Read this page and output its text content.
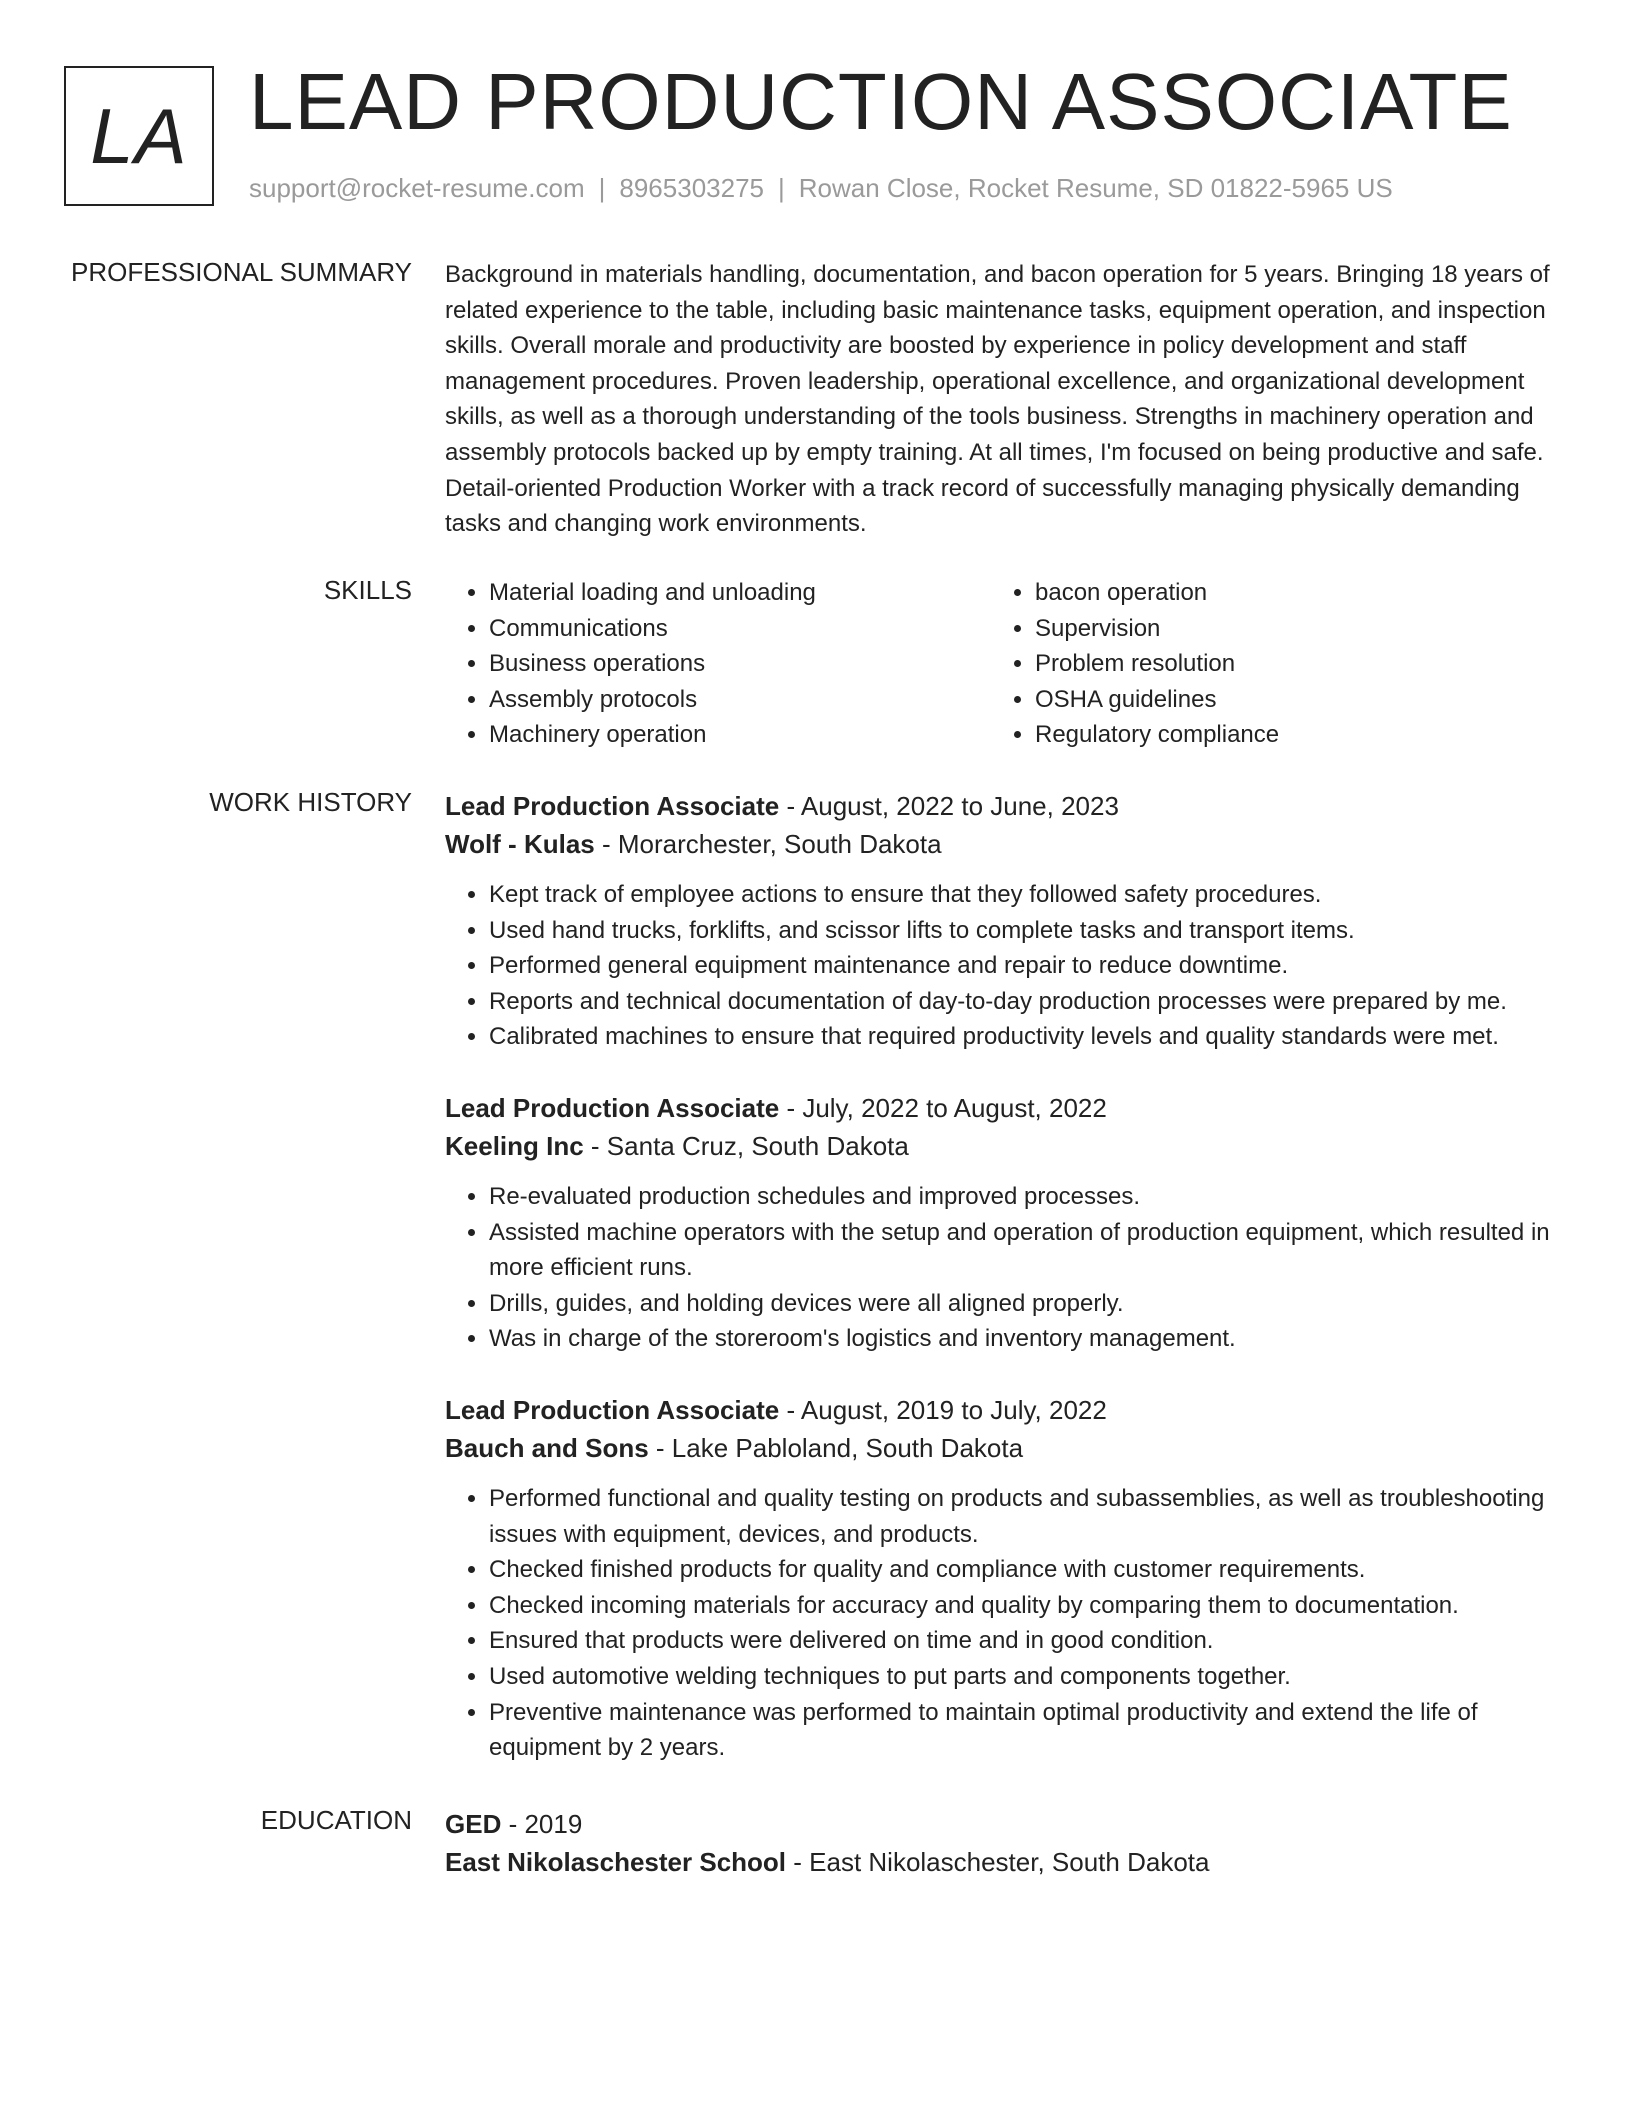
LA LEAD PRODUCTION ASSOCIATE
support@rocket-resume.com | 8965303275 | Rowan Close, Rocket Resume, SD 01822-5965 US
PROFESSIONAL SUMMARY Background in materials handling, documentation, and bacon operation for 5 years. Bringing 18 years of related experience to the table, including basic maintenance tasks, equipment operation, and inspection skills. Overall morale and productivity are boosted by experience in policy development and staff management procedures. Proven leadership, operational excellence, and organizational development skills, as well as a thorough understanding of the tools business. Strengths in machinery operation and assembly protocols backed up by empty training. At all times, I'm focused on being productive and safe. Detail-oriented Production Worker with a track record of successfully managing physically demanding tasks and changing work environments.

SKILLS
•	Material loading and unloading
• Communications
• Business operations
• Assembly protocols
• Machinery operation
• bacon operation
• Supervision
• Problem resolution
• OSHA guidelines
• Regulatory compliance
WORK HISTORY Lead Production Associate - August, 2022 to June, 2023
Wolf - Kulas - Morarchester, South Dakota
• Kept track of employee actions to ensure that they followed safety procedures.
• Used hand trucks, forklifts, and scissor lifts to complete tasks and transport items.
• Performed general equipment maintenance and repair to reduce downtime.
• Reports and technical documentation of day-to-day production processes were prepared by me.
• Calibrated machines to ensure that required productivity levels and quality standards were met.
Lead Production Associate - July, 2022 to August, 2022
Keeling Inc - Santa Cruz, South Dakota
• Re-evaluated production schedules and improved processes.
• Assisted machine operators with the setup and operation of production equipment, which resulted in more efficient runs.
• Drills, guides, and holding devices were all aligned properly.
• Was in charge of the storeroom's logistics and inventory management.
Lead Production Associate - August, 2019 to July, 2022
Bauch and Sons - Lake Pabloland, South Dakota
• Performed functional and quality testing on products and subassemblies, as well as troubleshooting issues with equipment, devices, and products.
• Checked finished products for quality and compliance with customer requirements.
• Checked incoming materials for accuracy and quality by comparing them to documentation.
• Ensured that products were delivered on time and in good condition.
• Used automotive welding techniques to put parts and components together.
• Preventive maintenance was performed to maintain optimal productivity and extend the life of equipment by 2 years.
EDUCATION GED - 2019
East Nikolaschester School - East Nikolaschester, South Dakota
